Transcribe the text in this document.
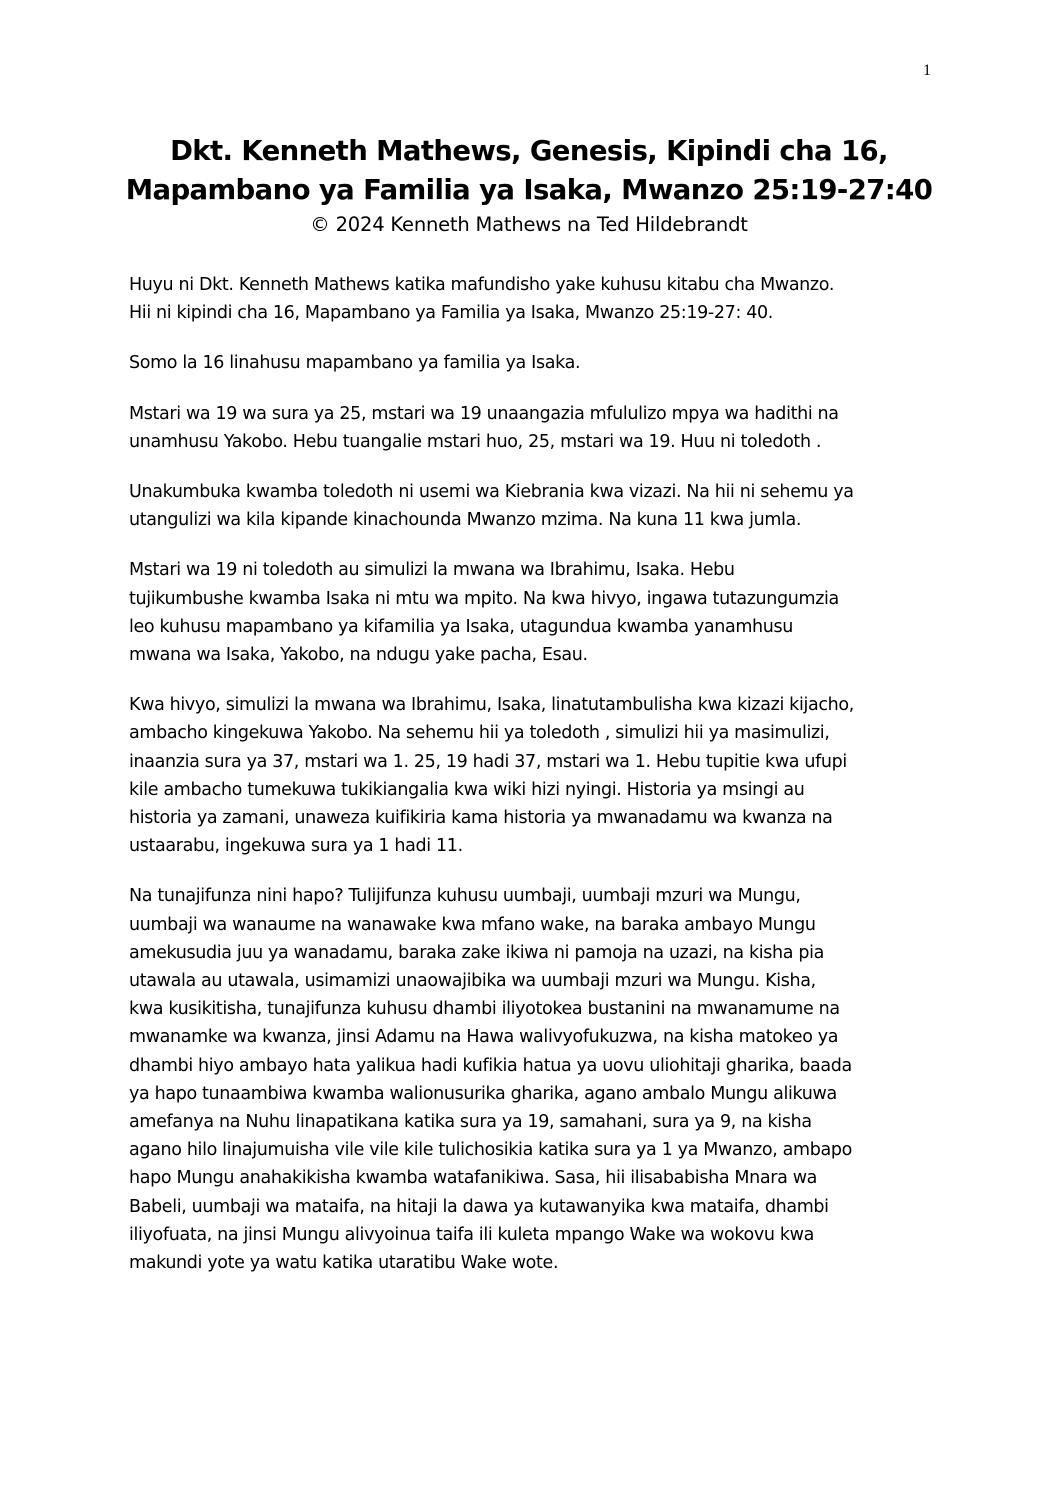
1
Dkt. Kenneth Mathews, Genesis, Kipindi cha 16,
Mapambano ya Familia ya Isaka, Mwanzo 25:19-27:40

© 2024 Kenneth Mathews na Ted Hildebrandt

Huyu ni Dkt. Kenneth Mathews katika mafundisho yake kuhusu kitabu cha Mwanzo.
Hii ni kipindi cha 16, Mapambano ya Familia ya Isaka, Mwanzo 25:19-27: 40.

Somo la 16 linahusu mapambano ya familia ya Isaka.

Mstari wa 19 wa sura ya 25, mstari wa 19 unaangazia mfululizo mpya wa hadithi na
unamhusu Yakobo. Hebu tuangalie mstari huo, 25, mstari wa 19. Huu ni toledoth .

Unakumbuka kwamba toledoth ni usemi wa Kiebrania kwa vizazi. Na hii ni sehemu ya
utangulizi wa kila kipande kinachounda Mwanzo mzima. Na kuna 11 kwa jumla.

Mstari wa 19 ni toledoth au simulizi la mwana wa Ibrahimu, Isaka. Hebu
tujikumbushe kwamba Isaka ni mtu wa mpito. Na kwa hivyo, ingawa tutazungumzia
leo kuhusu mapambano ya kifamilia ya Isaka, utagundua kwamba yanamhusu
mwana wa Isaka, Yakobo, na ndugu yake pacha, Esau.

Kwa hivyo, simulizi la mwana wa Ibrahimu, Isaka, linatutambulisha kwa kizazi kijacho,
ambacho kingekuwa Yakobo. Na sehemu hii ya toledoth , simulizi hii ya masimulizi,
inaanzia sura ya 37, mstari wa 1. 25, 19 hadi 37, mstari wa 1. Hebu tupitie kwa ufupi
kile ambacho tumekuwa tukikiangalia kwa wiki hizi nyingi. Historia ya msingi au
historia ya zamani, unaweza kuifikiria kama historia ya mwanadamu wa kwanza na
ustaarabu, ingekuwa sura ya 1 hadi 11.

Na tunajifunza nini hapo? Tulijifunza kuhusu uumbaji, uumbaji mzuri wa Mungu,
uumbaji wa wanaume na wanawake kwa mfano wake, na baraka ambayo Mungu
amekusudia juu ya wanadamu, baraka zake ikiwa ni pamoja na uzazi, na kisha pia
utawala au utawala, usimamizi unaowajibika wa uumbaji mzuri wa Mungu. Kisha,
kwa kusikitisha, tunajifunza kuhusu dhambi iliyotokea bustanini na mwanamume na
mwanamke wa kwanza, jinsi Adamu na Hawa walivyofukuzwa, na kisha matokeo ya
dhambi hiyo ambayo hata yalikua hadi kufikia hatua ya uovu uliohitaji gharika, baada
ya hapo tunaambiwa kwamba walionusurika gharika, agano ambalo Mungu alikuwa
amefanya na Nuhu linapatikana katika sura ya 19, samahani, sura ya 9, na kisha
agano hilo linajumuisha vile vile kile tulichosikia katika sura ya 1 ya Mwanzo, ambapo
hapo Mungu anahakikisha kwamba watafanikiwa. Sasa, hii ilisababisha Mnara wa
Babeli, uumbaji wa mataifa, na hitaji la dawa ya kutawanyika kwa mataifa, dhambi
iliyofuata, na jinsi Mungu alivyoinua taifa ili kuleta mpango Wake wa wokovu kwa
makundi yote ya watu katika utaratibu Wake wote.
